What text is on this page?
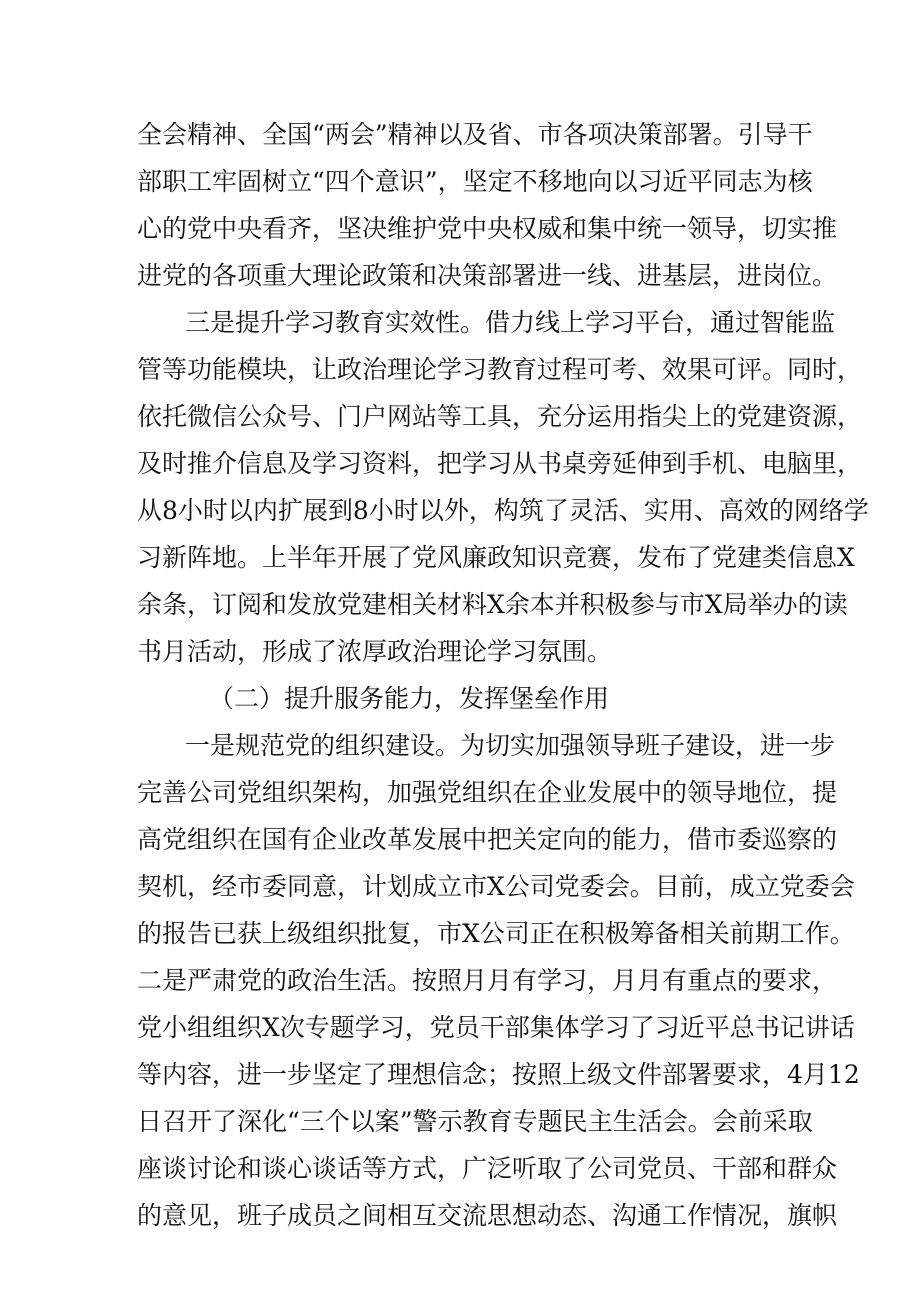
全会精神、全国“两会”精神以及省、市各项决策部署。引导干
部职工牢固树立“四个意识”，坚定不移地向以习近平同志为核
心的党中央看齐，坚决维护党中央权威和集中统一领导，切实推
进党的各项重大理论政策和决策部署进一线、进基层，进岗位。
三是提升学习教育实效性。借力线上学习平台，通过智能监
管等功能模块，让政治理论学习教育过程可考、效果可评。同时，
依托微信公众号、门户网站等工具，充分运用指尖上的党建资源，
及时推介信息及学习资料，把学习从书桌旁延伸到手机、电脑里，
从8小时以内扩展到8小时以外，构筑了灵活、实用、高效的网络学
习新阵地。上半年开展了党风廉政知识竞赛，发布了党建类信息X
余条，订阅和发放党建相关材料X余本并积极参与市X局举办的读
书月活动，形成了浓厚政治理论学习氛围。
（二）提升服务能力，发挥堡垒作用
一是规范党的组织建设。为切实加强领导班子建设，进一步
完善公司党组织架构，加强党组织在企业发展中的领导地位，提
高党组织在国有企业改革发展中把关定向的能力，借市委巡察的
契机，经市委同意，计划成立市X公司党委会。目前，成立党委会
的报告已获上级组织批复，市X公司正在积极筹备相关前期工作。
二是严肃党的政治生活。按照月月有学习，月月有重点的要求，
党小组组织X次专题学习，党员干部集体学习了习近平总书记讲话
等内容，进一步坚定了理想信念；按照上级文件部署要求，4月12
日召开了深化“三个以案”警示教育专题民主生活会。会前采取
座谈讨论和谈心谈话等方式，广泛听取了公司党员、干部和群众
的意见，班子成员之间相互交流思想动态、沟通工作情况，旗帜
